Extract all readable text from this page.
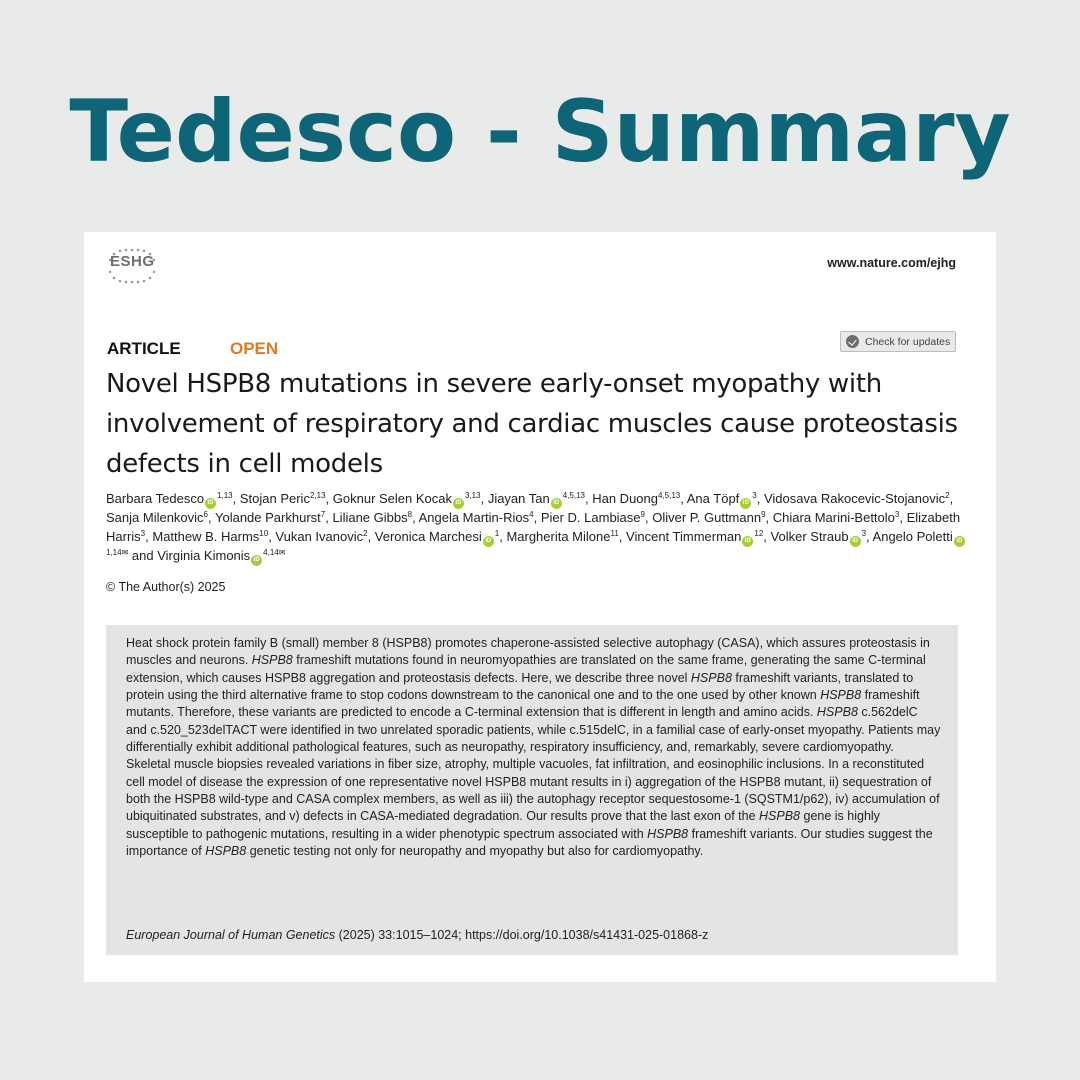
Tedesco - Summary
ESHG	www.nature.com/ejhg
ARTICLE	OPEN	Check for updates
Novel HSPB8 mutations in severe early-onset myopathy with involvement of respiratory and cardiac muscles cause proteostasis defects in cell models
Barbara Tedesco iD$^{1,13}$, Stojan Peric$^{2,13}$, Goknur Selen Kocak iD$^{3,13}$, Jiayan Tan iD$^{4,5,13}$, Han Duong$^{4,5,13}$, Ana Töpf $iD^3$, Vidosava Rakocevic-Stojanovic$^2$, Sanja Milenkovic$^6$, Yolande Parkhurst$^7$, Liliane Gibbs$^8$, Angela Martin-Rios$^4$, Pier D. Lambiase$^9$, Oliver P. Guttmann$^9$, Chiara Marini-Bettolo$^3$, Elizabeth Harris$^3$, Matthew B. Harms$^{10}$, Vukan Ivanovic$^2$, Veronica Marchesi $iD^1$, Margherita Milone$^{11}$, Vincent Timmerman $iD^{12}$, Volker Straub $iD^3$, Angelo Poletti $iD^{1,14✉}$ and Virginia Kimonis $iD^{4,14✉}$
© The Author(s) 2025
Heat shock protein family B (small) member 8 (HSPB8) promotes chaperone-assisted selective autophagy (CASA), which assures proteostasis in muscles and neurons. HSPB8 frameshift mutations found in neuromyopathies are translated on the same frame, generating the same C-terminal extension, which causes HSPB8 aggregation and proteostasis defects. Here, we describe three novel HSPB8 frameshift variants, translated to protein using the third alternative frame to stop codons downstream to the canonical one and to the one used by other known HSPB8 frameshift mutants. Therefore, these variants are predicted to encode a C-terminal extension that is different in length and amino acids. HSPB8 c.562delC and c.520_523delTACT were identified in two unrelated sporadic patients, while c.515delC, in a familial case of early-onset myopathy. Patients may differentially exhibit additional pathological features, such as neuropathy, respiratory insufficiency, and, remarkably, severe cardiomyopathy. Skeletal muscle biopsies revealed variations in fiber size, atrophy, multiple vacuoles, fat infiltration, and eosinophilic inclusions. In a reconstituted cell model of disease the expression of one representative novel HSPB8 mutant results in i) aggregation of the HSPB8 mutant, ii) sequestration of both the HSPB8 wild-type and CASA complex members, as well as iii) the autophagy receptor sequestosome-1 (SQSTM1/p62), iv) accumulation of ubiquitinated substrates, and v) defects in CASA-mediated degradation. Our results prove that the last exon of the HSPB8 gene is highly susceptible to pathogenic mutations, resulting in a wider phenotypic spectrum associated with HSPB8 frameshift variants. Our studies suggest the importance of HSPB8 genetic testing not only for neuropathy and myopathy but also for cardiomyopathy.
European Journal of Human Genetics (2025) 33:1015–1024; https://doi.org/10.1038/s41431-025-01868-z
